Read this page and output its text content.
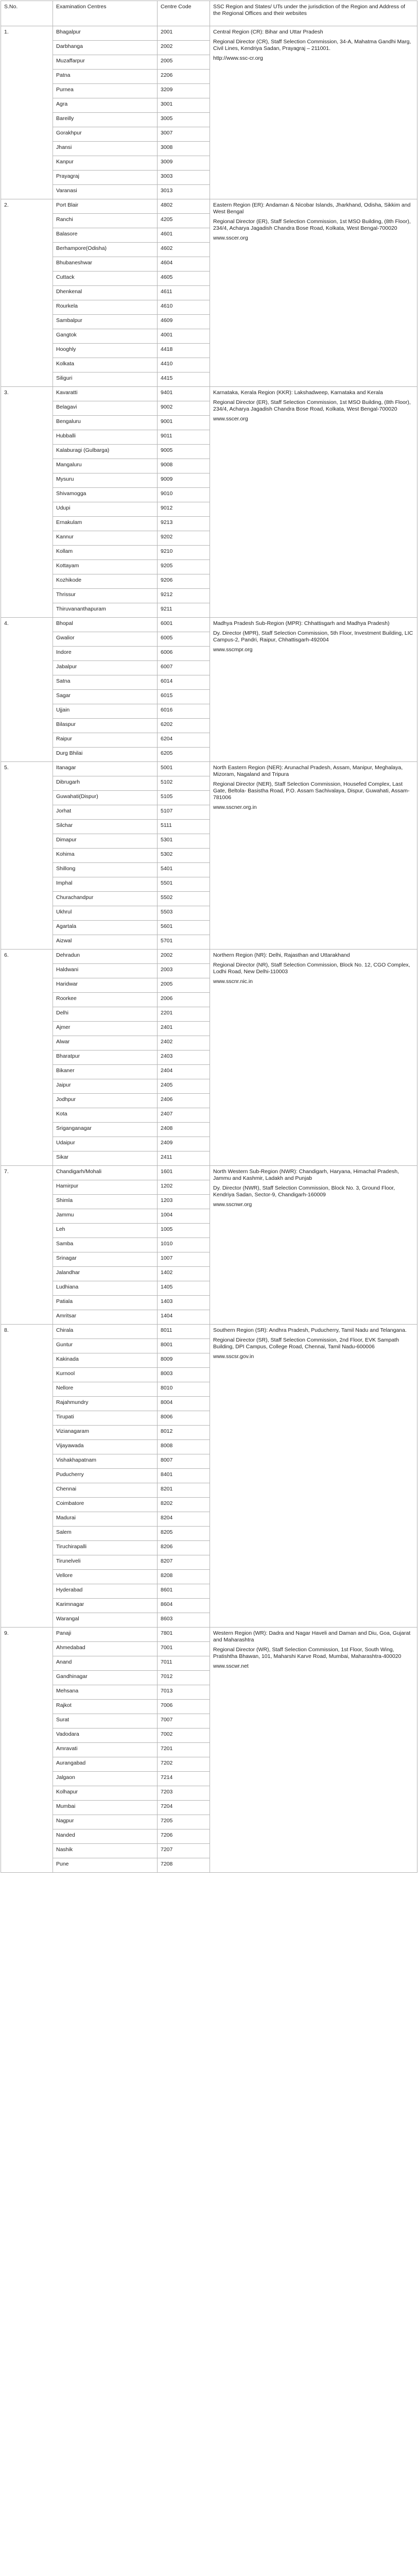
S.No.	Examination Centres	Centre Code	SSC Region and States/ UTs under the jurisdiction of the Region and Address of the Regional Offices and their websites
1.	Bhagalpur	2001	Central Region (CR): Bihar and Uttar Pradesh
Regional Director (CR), Staff Selection Commission, 34-A, Mahatma Gandhi Marg, Civil Lines, Kendriya Sadan, Prayagraj – 211001.
http://www.ssc-cr.org

	Darbhanga	2002	
	Muzaffarpur	2005	
	Patna	2206	
	Purnea	3209	
	Agra	3001	
	Bareilly	3005	
	Gorakhpur	3007	
	Jhansi	3008	
	Kanpur	3009	
	Prayagraj	3003	
	Varanasi	3013	
2.	Port Blair	4802	Eastern Region (ER): Andaman & Nicobar Islands, Jharkhand, Odisha, Sikkim and West Bengal
Regional Director (ER), Staff Selection Commission, 1st MSO Building, (8th Floor), 234/4, Acharya Jagadish Chandra Bose Road, Kolkata, West Bengal-700020
www.sscer.org

	Ranchi	4205	
	Balasore	4601	
	Berhampore(Odisha)	4602	
	Bhubaneshwar	4604	
	Cuttack	4605	
	Dhenkenal	4611	
	Rourkela	4610	
	Sambalpur	4609	
	Gangtok	4001	
	Hooghly	4418	
	Kolkata	4410	
	Siliguri	4415	
3.	Kavaratti	9401	Karnataka, Kerala Region (KKR): Lakshadweep, Karnataka and Kerala
Regional Director (ER), Staff Selection Commission, 1st MSO Building, (8th Floor), 234/4, Acharya Jagadish Chandra Bose Road, Kolkata, West Bengal-700020
www.sscer.org

	Belagavi	9002	
	Bengaluru	9001	
	Hubballi	9011	
	Kalaburagi (Gulbarga)	9005	
	Mangaluru	9008	
	Mysuru	9009	
	Shivamogga	9010	
	Udupi	9012	
	Ernakulam	9213	
	Kannur	9202	
	Kollam	9210	
	Kottayam	9205	
	Kozhikode	9206	
	Thrissur	9212	
	Thiruvananthapuram	9211	
4.	Bhopal	6001	Madhya Pradesh Sub-Region (MPR): Chhattisgarh and Madhya Pradesh)
Dy. Director (MPR), Staff Selection Commission, 5th Floor, Investment Building, LIC Campus-2, Pandri, Raipur, Chhattisgarh-492004
www.sscmpr.org

	Gwalior	6005	
	Indore	6006	
	Jabalpur	6007	
	Satna	6014	
	Sagar	6015	
	Ujjain	6016	
	Bilaspur	6202	
	Raipur	6204	
	Durg Bhilai	6205	
5.	Itanagar	5001	North Eastern Region (NER): Arunachal Pradesh, Assam, Manipur, Meghalaya, Mizoram, Nagaland and Tripura
Regional Director (NER), Staff Selection Commission, Housefed Complex, Last Gate, Beltola- Basistha Road, P.O. Assam Sachivalaya, Dispur, Guwahati, Assam-781006
www.sscner.org.in

	Dibrugarh	5102	
	Guwahati(Dispur)	5105	
	Jorhat	5107	
	Silchar	5111	
	Dimapur	5301	
	Kohima	5302	
	Shillong	5401	
	Imphal	5501	
	Churachandpur	5502	
	Ukhrul	5503	
	Agartala	5601	
	Aizwal	5701	
6.	Dehradun	2002	Northern Region (NR): Delhi, Rajasthan and Uttarakhand
Regional Director (NR), Staff Selection Commission, Block No. 12, CGO Complex, Lodhi Road, New Delhi-110003
www.sscnr.nic.in

	Haldwani	2003	
	Haridwar	2005	
	Roorkee	2006	
	Delhi	2201	
	Ajmer	2401	
	Alwar	2402	
	Bharatpur	2403	
	Bikaner	2404	
	Jaipur	2405	
	Jodhpur	2406	
	Kota	2407	
	Sriganganagar	2408	
	Udaipur	2409	
	Sikar	2411	
7.	Chandigarh/Mohali	1601	North Western Sub-Region (NWR): Chandigarh, Haryana, Himachal Pradesh, Jammu and Kashmir, Ladakh and Punjab
Dy. Director (NWR), Staff Selection Commission, Block No. 3, Ground Floor, Kendriya Sadan, Sector-9, Chandigarh-160009
www.sscnwr.org

	Hamirpur	1202	
	Shimla	1203	
	Jammu	1004	
	Leh	1005	
	Samba	1010	
	Srinagar	1007	
	Jalandhar	1402	
	Ludhiana	1405	
	Patiala	1403	
	Amritsar	1404	
8.	Chirala	8011	Southern Region (SR): Andhra Pradesh, Puducherry, Tamil Nadu and Telangana.
Regional Director (SR), Staff Selection Commission, 2nd Floor, EVK Sampath Building, DPI Campus, College Road, Chennai, Tamil Nadu-600006
www.sscsr.gov.in

	Guntur	8001	
	Kakinada	8009	
	Kurnool	8003	
	Nellore	8010	
	Rajahmundry	8004	
	Tirupati	8006	
	Vizianagaram	8012	
	Vijayawada	8008	
	Vishakhapatnam	8007	
	Puducherry	8401	
	Chennai	8201	
	Coimbatore	8202	
	Madurai	8204	
	Salem	8205	
	Tiruchirapalli	8206	
	Tirunelveli	8207	
	Vellore	8208	
	Hyderabad	8601	
	Karimnagar	8604	
	Warangal	8603	
9.	Panaji	7801	Western Region (WR): Dadra and Nagar Haveli and Daman and Diu, Goa, Gujarat and Maharashtra
Regional Director (WR), Staff Selection Commission, 1st Floor, South Wing, Pratishtha Bhawan, 101, Maharshi Karve Road, Mumbai, Maharashtra-400020
www.sscwr.net

	Ahmedabad	7001	
	Anand	7011	
	Gandhinagar	7012	
	Mehsana	7013	
	Rajkot	7006	
	Surat	7007	
	Vadodara	7002	
	Amravati	7201	
	Aurangabad	7202	
	Jalgaon	7214	
	Kolhapur	7203	
	Mumbai	7204	
	Nagpur	7205	
	Nanded	7206	
	Nashik	7207	
	Pune	7208	
